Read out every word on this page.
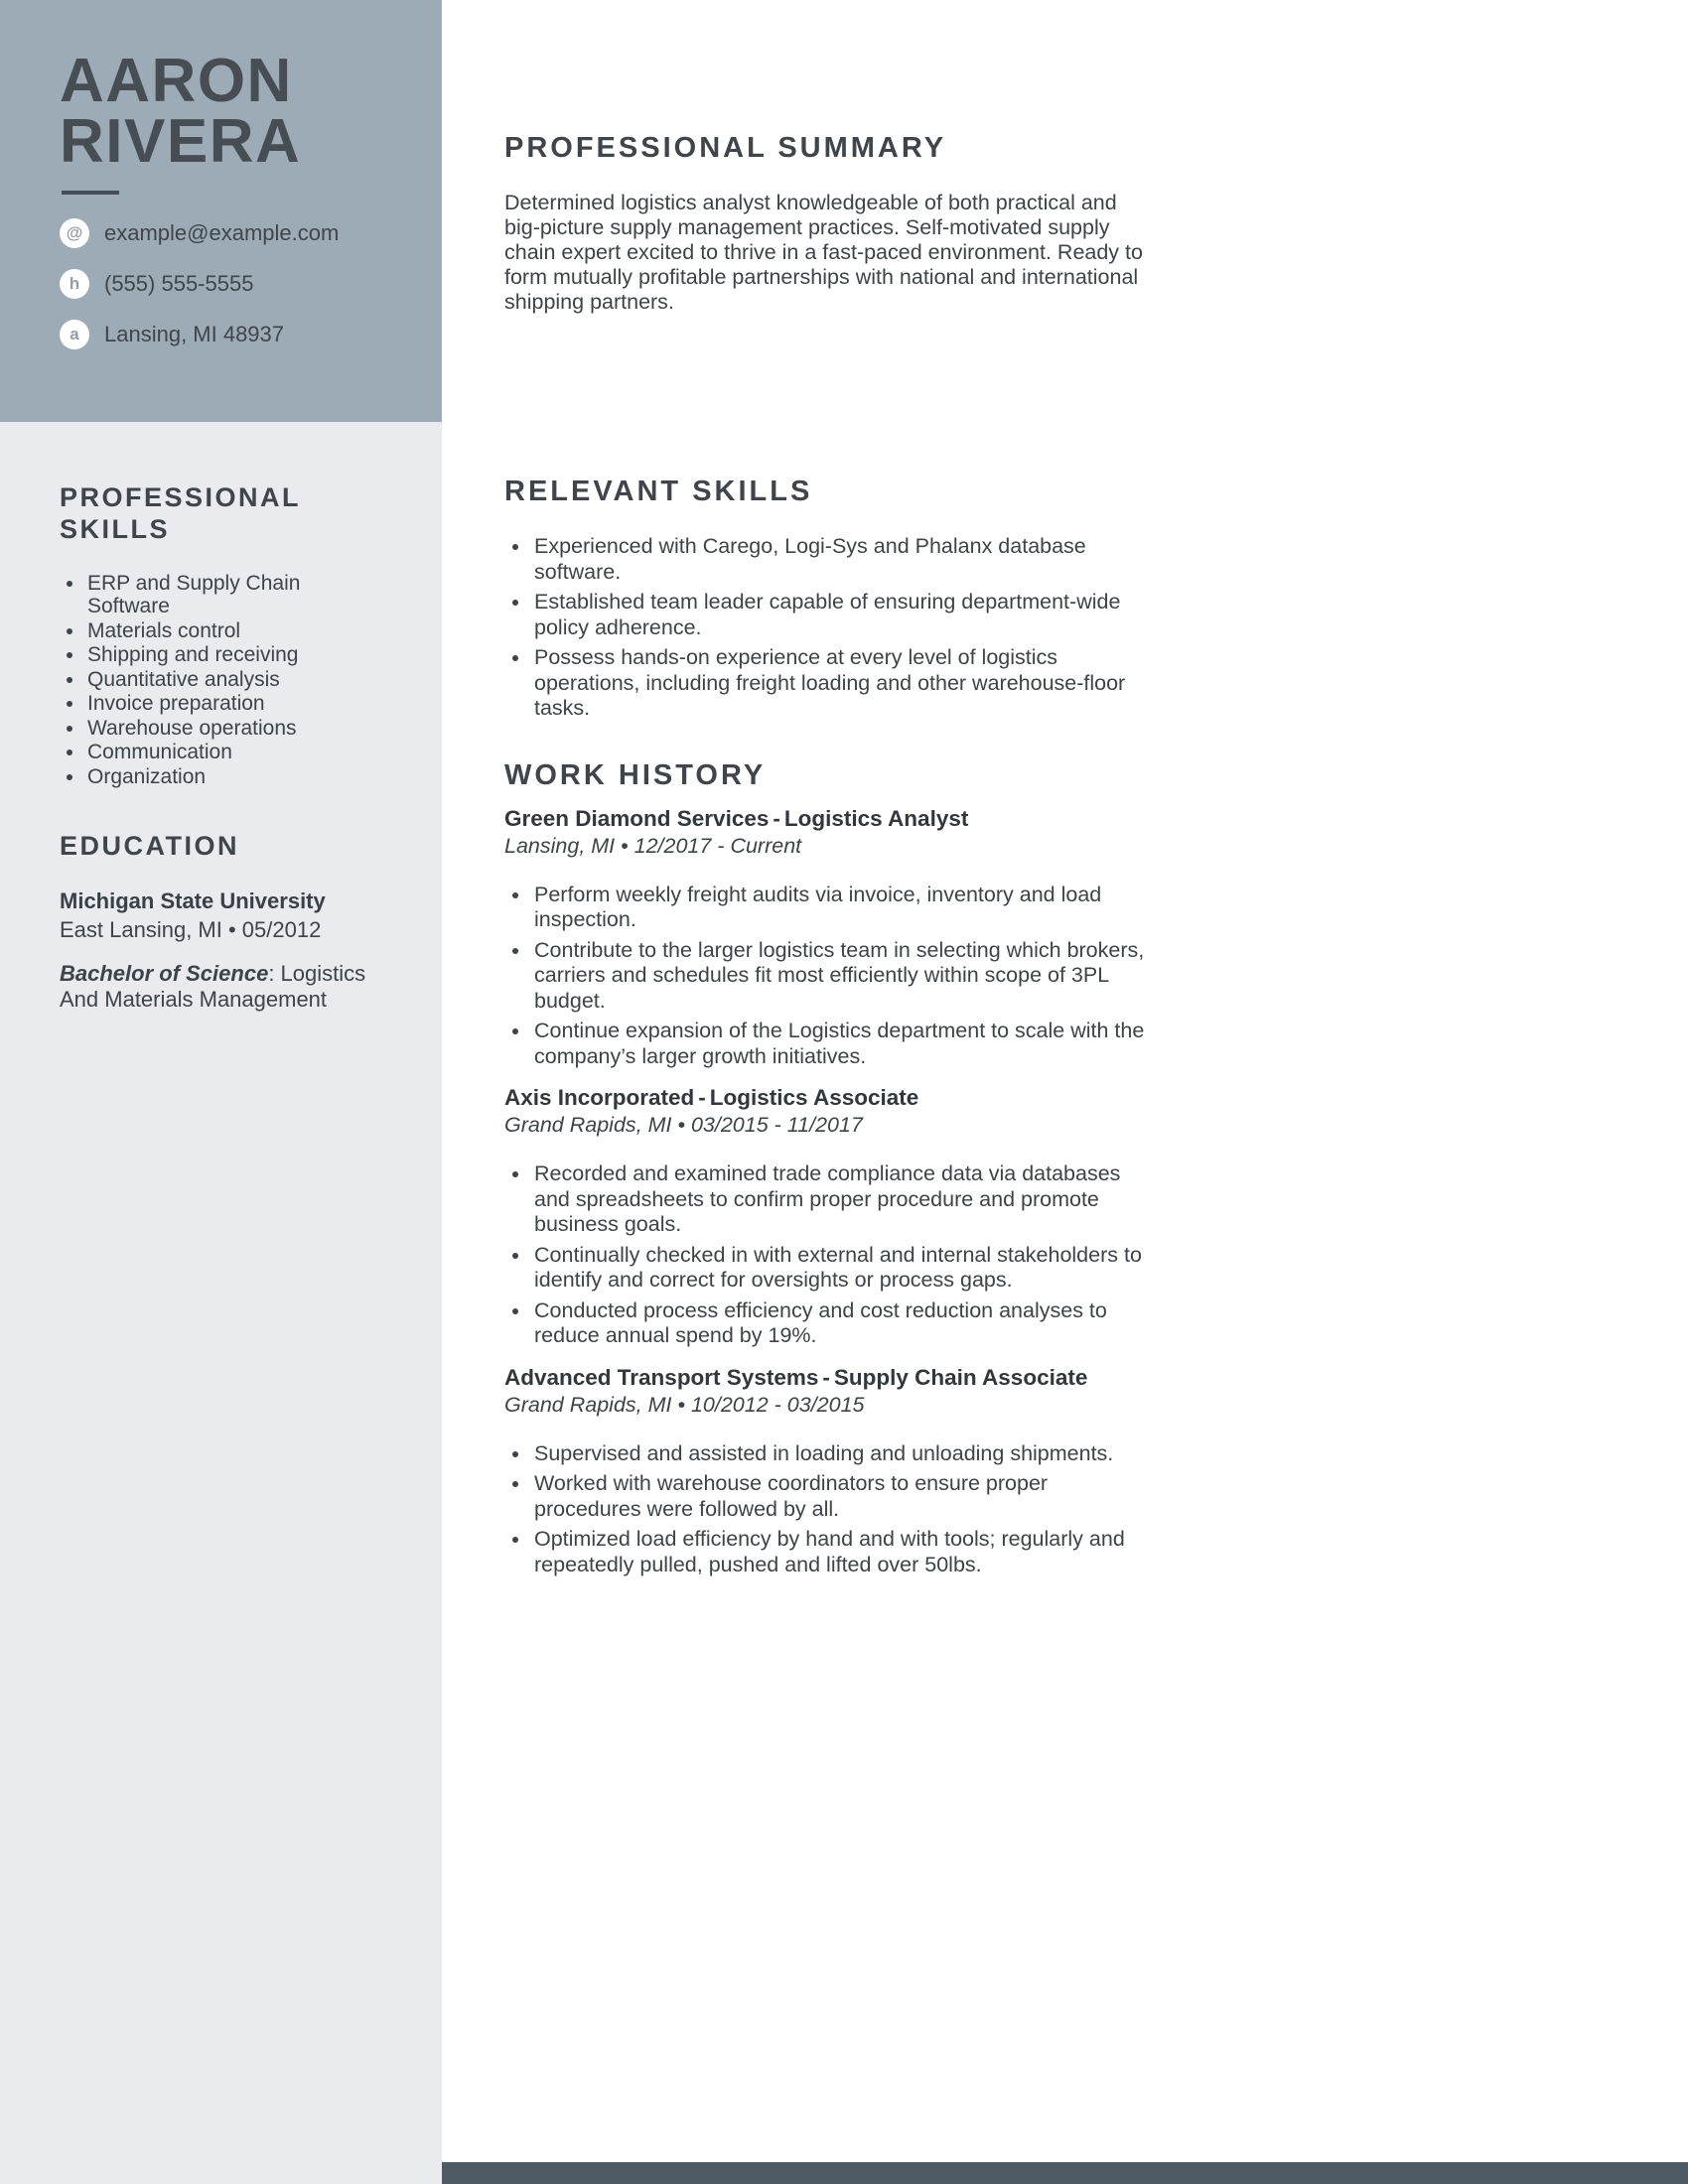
AARON
RIVERA
@ example@example.com
h	(555) 555-5555
a	Lansing, MI 48937
PROFESSIONAL SKILLS
ERP and Supply Chain Software
Materials control
Shipping and receiving
Quantitative analysis
Invoice preparation
Warehouse operations
Communication
Organization
EDUCATION

Michigan State University

East Lansing, MI • 05/2012

Bachelor of Science: Logistics And Materials Management

PROFESSIONAL SUMMARY

Determined logistics analyst knowledgeable of both practical and big-picture supply management practices. Self-motivated supply chain expert excited to thrive in a fast-paced environment. Ready to form mutually profitable partnerships with national and international shipping partners.

RELEVANT SKILLS
Experienced with Carego, Logi-Sys and Phalanx database software.
Established team leader capable of ensuring department-wide policy adherence.
Possess hands-on experience at every level of logistics operations, including freight loading and other warehouse-floor tasks.
WORK HISTORY
Green Diamond Services - Logistics Analyst

Lansing, MI • 12/2017 - Current

Perform weekly freight audits via invoice, inventory and load inspection.
Contribute to the larger logistics team in selecting which brokers, carriers and schedules fit most efficiently within scope of 3PL budget.
Continue expansion of the Logistics department to scale with the company’s larger growth initiatives.
Axis Incorporated - Logistics Associate

Grand Rapids, MI • 03/2015 - 11/2017

Recorded and examined trade compliance data via databases and spreadsheets to confirm proper procedure and promote business goals.
Continually checked in with external and internal stakeholders to identify and correct for oversights or process gaps.
Conducted process efficiency and cost reduction analyses to reduce annual spend by 19%.
Advanced Transport Systems - Supply Chain Associate

Grand Rapids, MI • 10/2012 - 03/2015

Supervised and assisted in loading and unloading shipments.
Worked with warehouse coordinators to ensure proper procedures were followed by all.
Optimized load efficiency by hand and with tools; regularly and repeatedly pulled, pushed and lifted over 50lbs.
